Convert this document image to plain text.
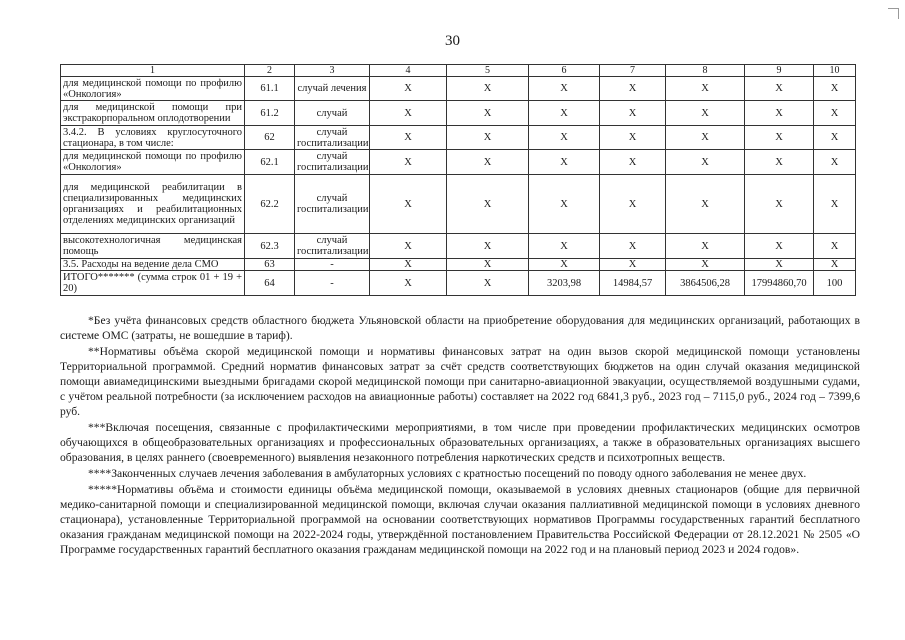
30
1	2	3	4	5	6	7	8	9	10
для медицинской помощи по профилю «Онкология»	61.1	случай лечения	Х	Х	Х	Х	Х	Х	Х
для медицинской помощи при экстракорпоральном оплодотворении	61.2	случай	Х	Х	Х	Х	Х	Х	Х
3.4.2. В условиях круглосуточного стационара, в том числе:	62	случай госпитализации	Х	Х	Х	Х	Х	Х	Х
для медицинской помощи по профилю «Онкология»	62.1	случай госпитализации	Х	Х	Х	Х	Х	Х	Х
для медицинской реабилитации в специализированных медицинских организациях и реабилитационных отделениях медицинских организаций	62.2	случай госпитализации	Х	Х	Х	Х	Х	Х	Х
высокотехнологичная медицинская помощь	62.3	случай госпитализации	Х	Х	Х	Х	Х	Х	Х
3.5. Расходы на ведение дела СМО	63	-	Х	Х	Х	Х	Х	Х	Х
ИТОГО******* (сумма строк 01 + 19 + 20)	64	-	Х	Х	3203,98	14984,57	3864506,28	17994860,70	100

*Без учёта финансовых средств областного бюджета Ульяновской области на приобретение оборудования для медицинских организаций, работающих в системе ОМС (затраты, не вошедшие в тариф).

**Нормативы объёма скорой медицинской помощи и нормативы финансовых затрат на один вызов скорой медицинской помощи установлены Территориальной программой. Средний норматив финансовых затрат за счёт средств соответствующих бюджетов на один случай оказания медицинской помощи авиамедицинскими выездными бригадами скорой медицинской помощи при санитарно-авиационной эвакуации, осуществляемой воздушными судами, с учётом реальной потребности (за исключением расходов на авиационные работы) составляет на 2022 год 6841,3 руб., 2023 год – 7115,0 руб., 2024 год – 7399,6 руб.

***Включая посещения, связанные с профилактическими мероприятиями, в том числе при проведении профилактических медицинских осмотров обучающихся в общеобразовательных организациях и профессиональных образовательных организациях, а также в образовательных организациях высшего образования, в целях раннего (своевременного) выявления незаконного потребления наркотических средств и психотропных веществ.

****Законченных случаев лечения заболевания в амбулаторных условиях с кратностью посещений по поводу одного заболевания не менее двух.

*****Нормативы объёма и стоимости единицы объёма медицинской помощи, оказываемой в условиях дневных стационаров (общие для первичной медико-санитарной помощи и специализированной медицинской помощи, включая случаи оказания паллиативной медицинской помощи в условиях дневного стационара), установленные Территориальной программой на основании соответствующих нормативов Программы государственных гарантий бесплатного оказания гражданам медицинской помощи на 2022-2024 годы, утверждённой постановлением Правительства Российской Федерации от 28.12.2021 № 2505 «О Программе государственных гарантий бесплатного оказания гражданам медицинской помощи на 2022 год и на плановый период 2023 и 2024 годов».
